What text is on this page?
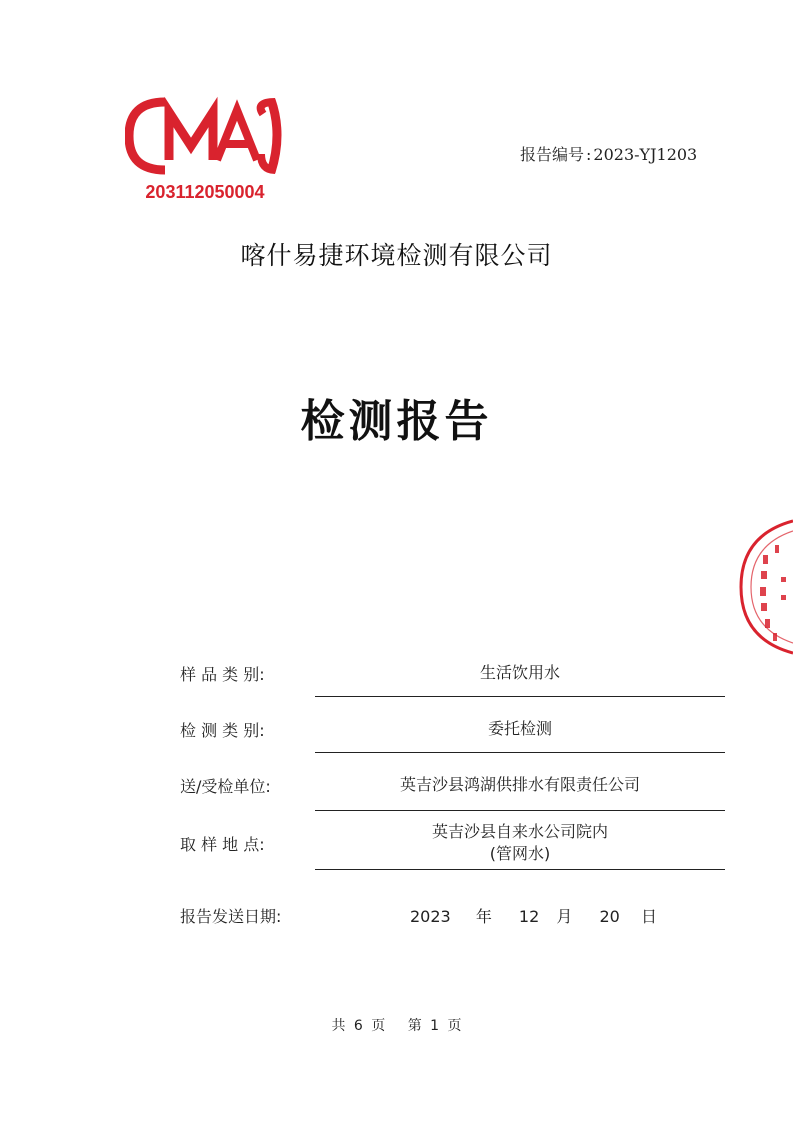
203112050004
报告编号 : 2023-YJ1203
喀什易捷环境检测有限公司
检测报告
样 品 类 别:	生活饮用水
检 测 类 别:	委托检测
送/受检单位:	英吉沙县鸿湖供排水有限责任公司
取 样 地 点:
英吉沙县自来水公司院内
(管网水)
报告发送日期:	2023 年 12 月 20 日
共 6 页 第 1 页
